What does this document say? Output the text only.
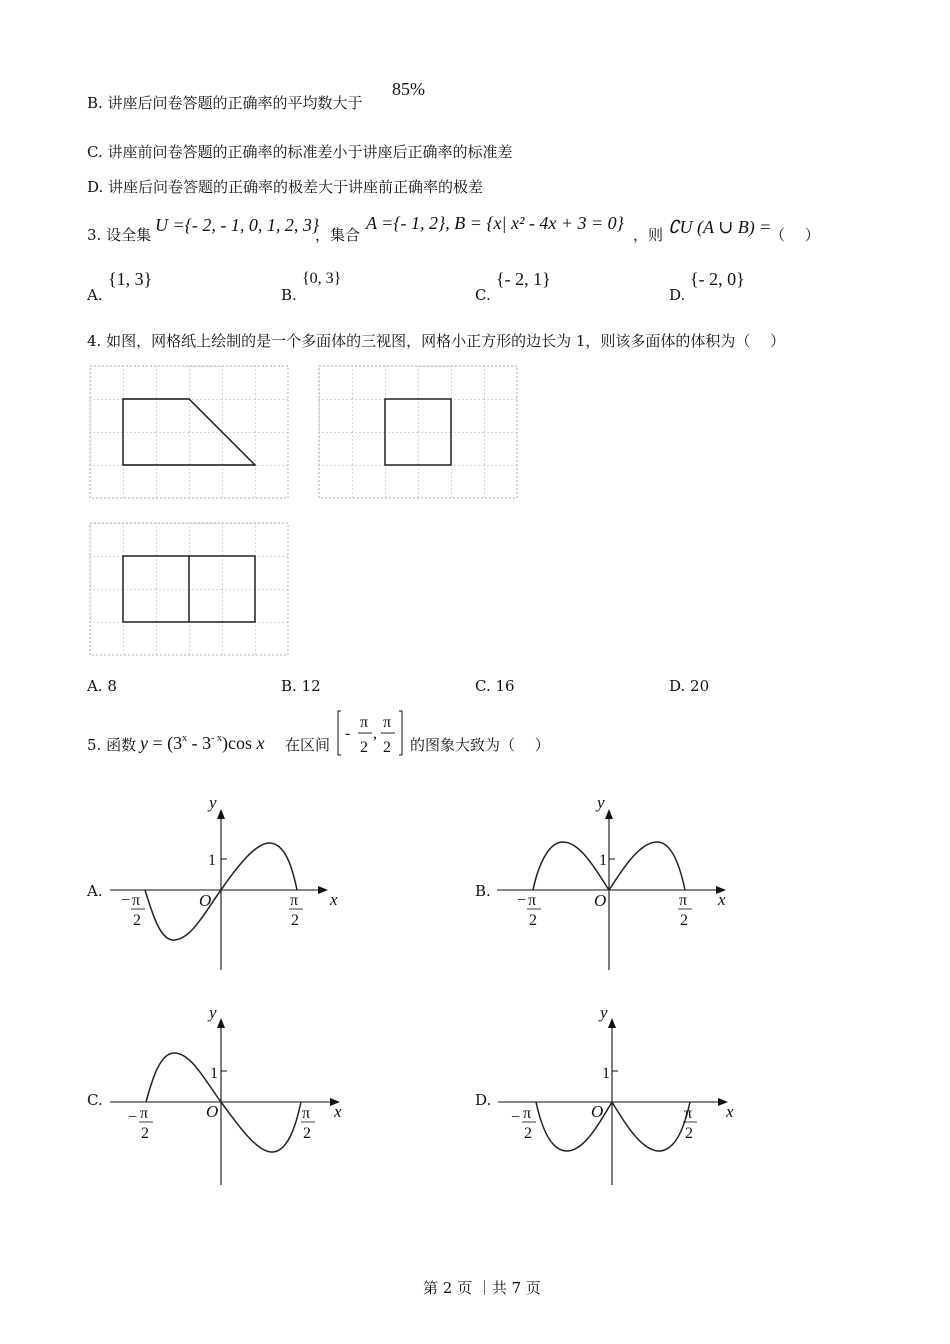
B. 讲座后问卷答题的正确率的平均数大于
85%
C. 讲座前问卷答题的正确率的标准差小于讲座后正确率的标准差
D. 讲座后问卷答题的正确率的极差大于讲座前正确率的极差
3. 设全集 U ={- 2, - 1, 0, 1, 2, 3}
，集合
A ={- 1, 2}, B = {x| x² - 4x + 3 = 0}
，则 ∁U (A ∪ B) =
（　 ）
A.
{1, 3}
B.
{0, 3}
C.
{- 2, 1}
D.
{- 2, 0}
4. 如图，网格纸上绘制的是一个多面体的三视图，网格小正方形的边长为 1，则该多面体的体积为（　 ）
A. 8	B. 12	C. 16	D. 20
5. 函数 $y = (3^x - 3^{- x})\cos$ x 在区间
-
π
2
,
π
2 的图象大致为（　 ）
A.	B.
C.	D.
y
x
O
1
− π
2
π
2
y
x
O
1
− π
2
π
2
y
x
O
1
− π
2
π
2
y
x
O
1
− π
2
π
2
第 2 页 ｜共 7 页
